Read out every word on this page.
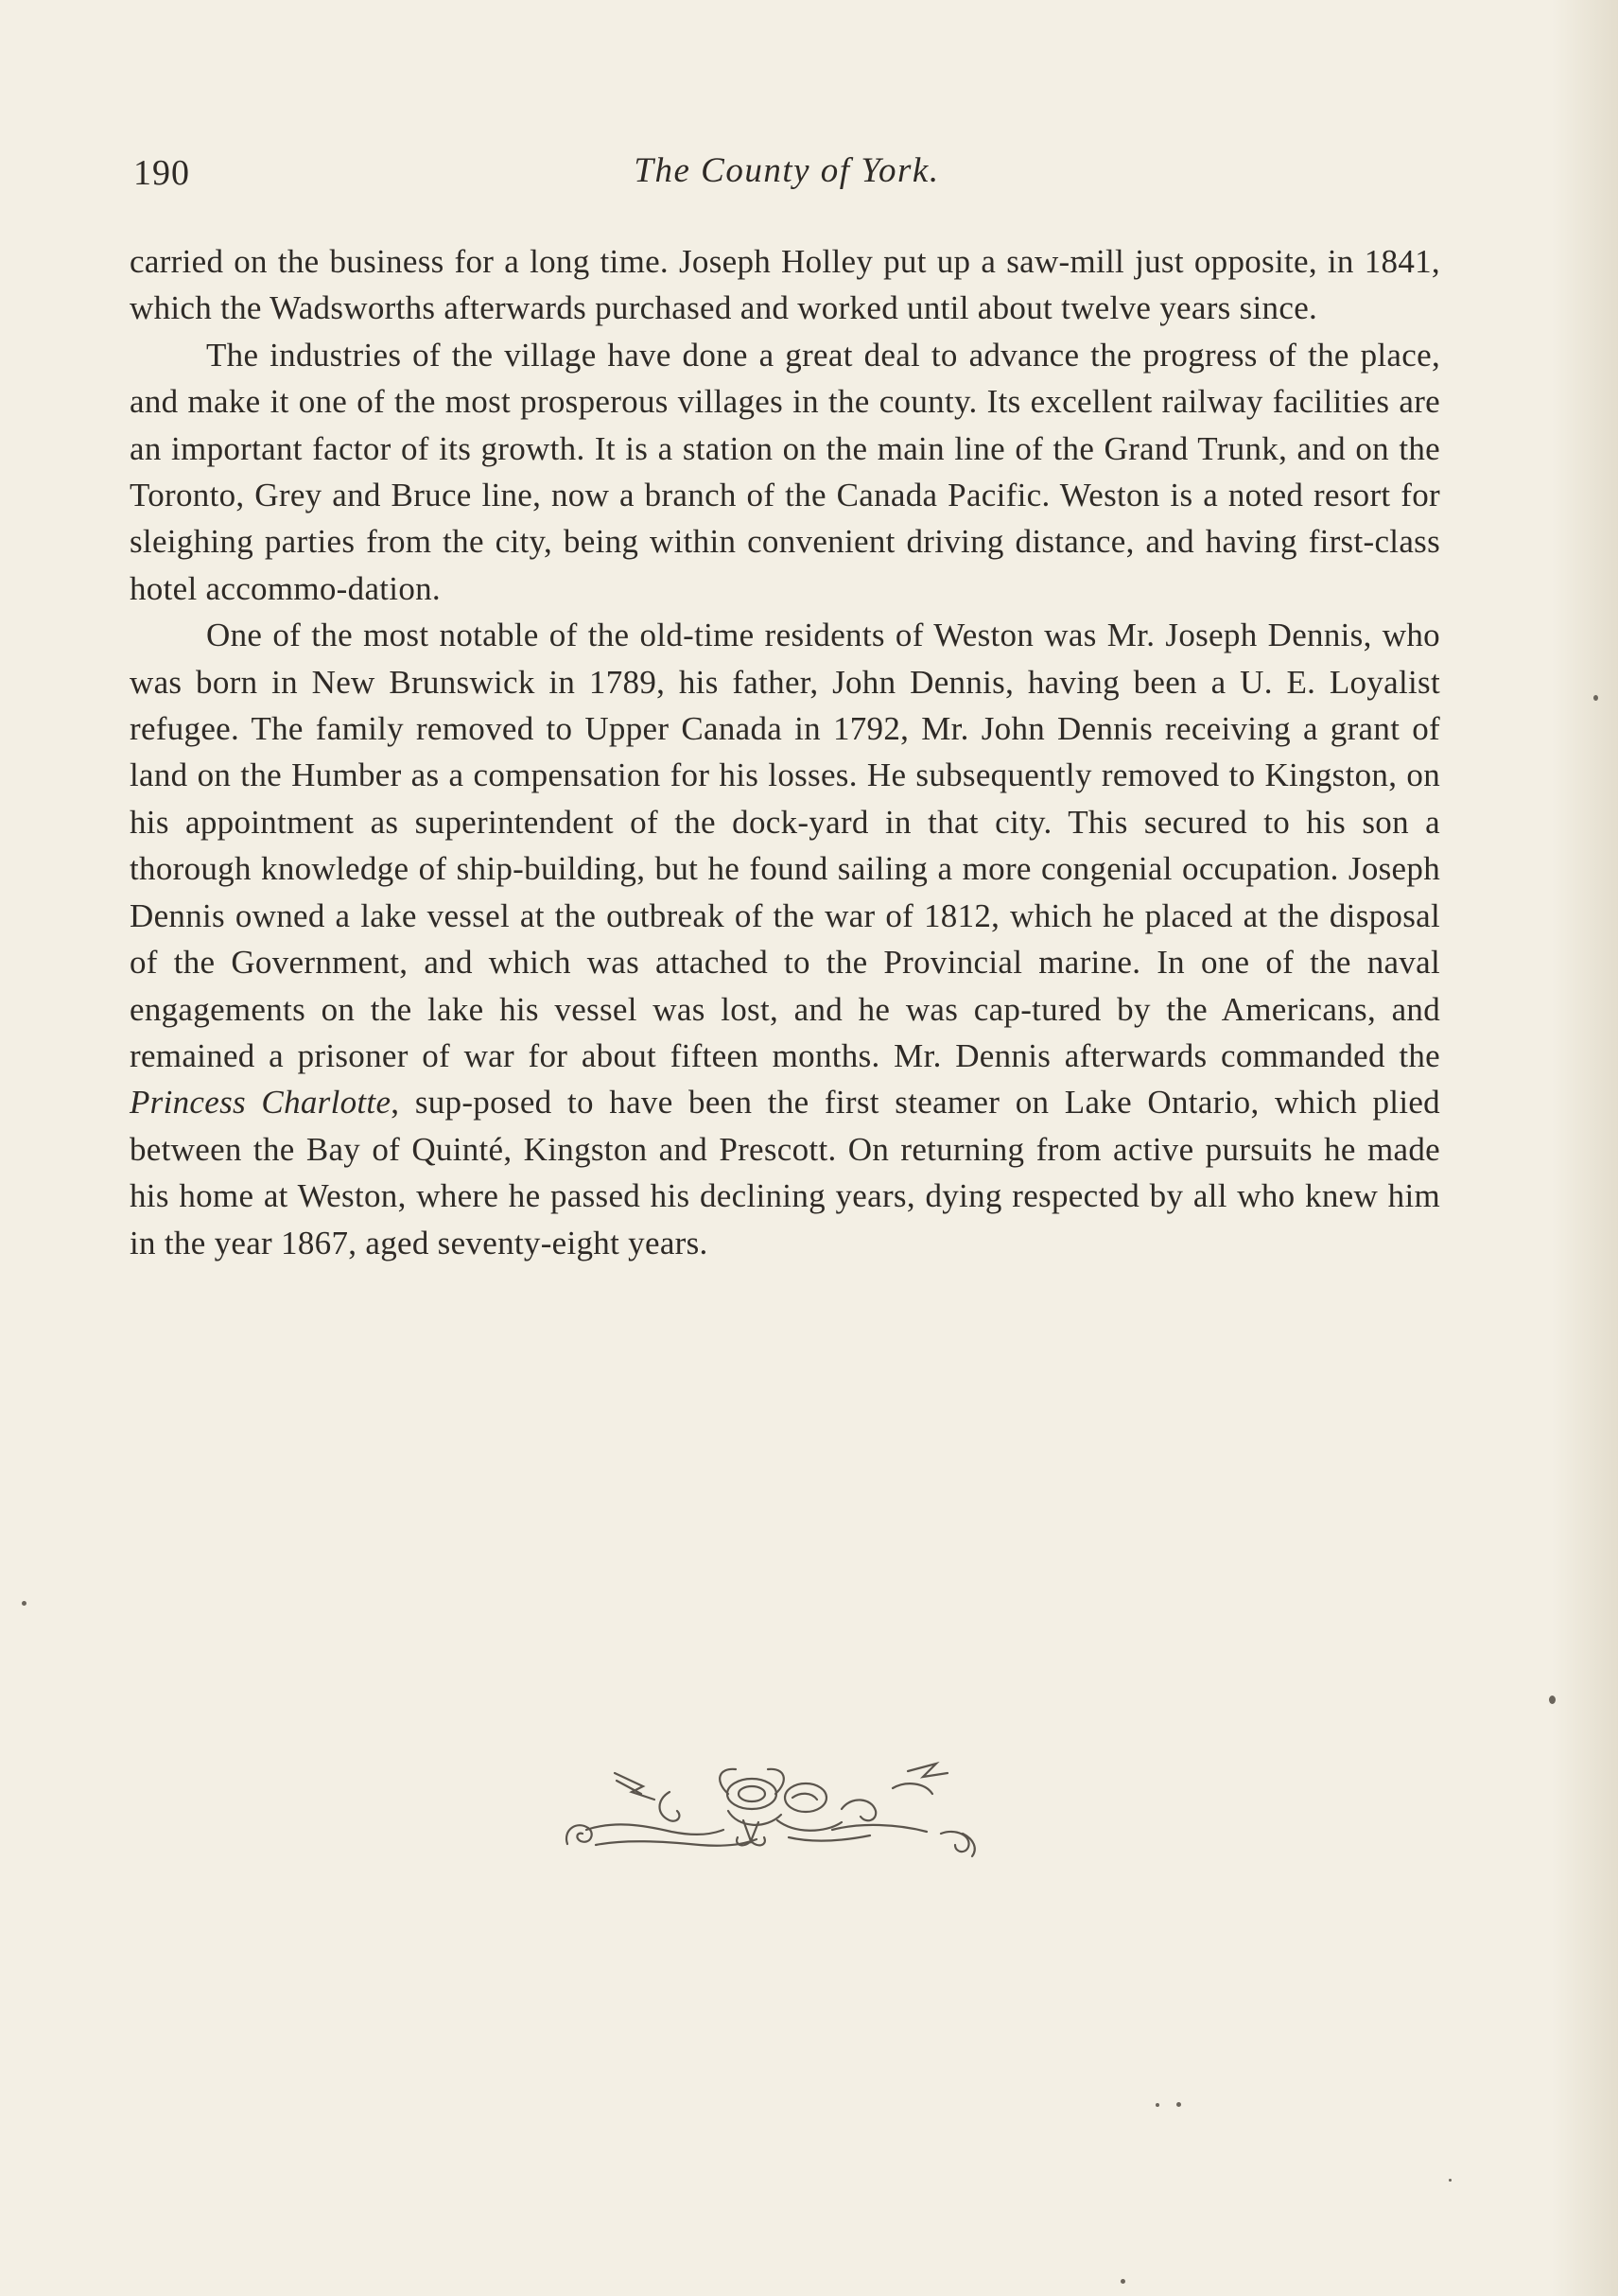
190	The County of York.

carried on the business for a long time. Joseph Holley put up a saw-mill just opposite, in 1841, which the Wadsworths afterwards purchased and worked until about twelve years since.

The industries of the village have done a great deal to advance the progress of the place, and make it one of the most prosperous villages in the county. Its excellent railway facilities are an important factor of its growth. It is a station on the main line of the Grand Trunk, and on the Toronto, Grey and Bruce line, now a branch of the Canada Pacific. Weston is a noted resort for sleighing parties from the city, being within convenient driving distance, and having first-class hotel accommo-dation.

One of the most notable of the old-time residents of Weston was Mr. Joseph Dennis, who was born in New Brunswick in 1789, his father, John Dennis, having been a U. E. Loyalist refugee. The family removed to Upper Canada in 1792, Mr. John Dennis receiving a grant of land on the Humber as a compensation for his losses. He subsequently removed to Kingston, on his appointment as superintendent of the dock-yard in that city. This secured to his son a thorough knowledge of ship-building, but he found sailing a more congenial occupation. Joseph Dennis owned a lake vessel at the outbreak of the war of 1812, which he placed at the disposal of the Government, and which was attached to the Provincial marine. In one of the naval engagements on the lake his vessel was lost, and he was cap-tured by the Americans, and remained a prisoner of war for about fifteen months. Mr. Dennis afterwards commanded the Princess Charlotte, sup-posed to have been the first steamer on Lake Ontario, which plied between the Bay of Quinté, Kingston and Prescott. On returning from active pursuits he made his home at Weston, where he passed his declining years, dying respected by all who knew him in the year 1867, aged seventy-eight years.
